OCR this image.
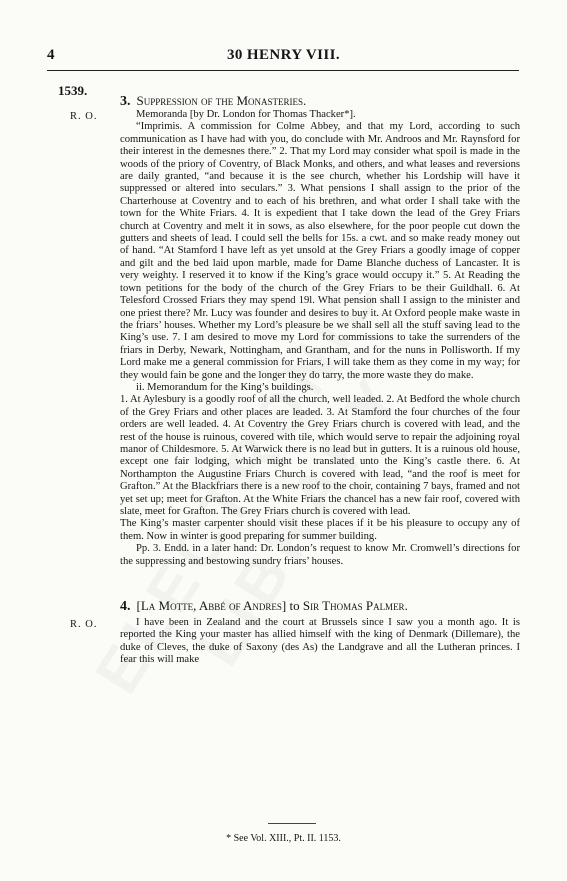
4	30 HENRY VIII.
1539.
3. Suppression of the Monasteries.
R. O.	Memoranda [by Dr. London for Thomas Thacker*].

“Imprimis. A commission for Colme Abbey, and that my Lord, according to such communication as I have had with you, do conclude with Mr. Androos and Mr. Raynsford for their interest in the demesnes there.” 2. That my Lord may consider what spoil is made in the woods of the priory of Coventry, of Black Monks, and others, and what leases and reversions are daily granted, “and because it is the see church, whether his Lordship will have it suppressed or altered into seculars.” 3. What pensions I shall assign to the prior of the Charterhouse at Coventry and to each of his brethren, and what order I shall take with the town for the White Friars. 4. It is expedient that I take down the lead of the Grey Friars church at Coventry and melt it in sows, as also elsewhere, for the poor people cut down the gutters and sheets of lead. I could sell the bells for 15s. a cwt. and so make ready money out of hand. “At Stamford I have left as yet unsold at the Grey Friars a goodly image of copper and gilt and the bed laid upon marble, made for Dame Blanche duchess of Lancaster. It is very weighty. I reserved it to know if the King’s grace would occupy it.” 5. At Reading the town petitions for the body of the church of the Grey Friars to be their Guildhall. 6. At Telesford Crossed Friars they may spend 19l. What pension shall I assign to the minister and one priest there? Mr. Lucy was founder and desires to buy it. At Oxford people make waste in the friars’ houses. Whether my Lord’s pleasure be we shall sell all the stuff saving lead to the King’s use. 7. I am desired to move my Lord for commissions to take the surrenders of the friars in Derby, Newark, Nottingham, and Grantham, and for the nuns in Pollisworth. If my Lord make me a general commission for Friars, I will take them as they come in my way; for they would fain be gone and the longer they do tarry, the more waste they do make.

ii. Memorandum for the King’s buildings.

1. At Aylesbury is a goodly roof of all the church, well leaded. 2. At Bedford the whole church of the Grey Friars and other places are leaded. 3. At Stamford the four churches of the four orders are well leaded. 4. At Coventry the Grey Friars church is covered with lead, and the rest of the house is ruinous, covered with tile, which would serve to repair the adjoining royal manor of Childesmore. 5. At Warwick there is no lead but in gutters. It is a ruinous old house, except one fair lodging, which might be translated unto the King’s castle there. 6. At Northampton the Augustine Friars Church is covered with lead, “and the roof is meet for Grafton.” At the Blackfriars there is a new roof to the choir, containing 7 bays, framed and not yet set up; meet for Grafton. At the White Friars the chancel has a new fair roof, covered with slate, meet for Grafton. The Grey Friars church is covered with lead.

The King’s master carpenter should visit these places if it be his pleasure to occupy any of them. Now in winter is good preparing for summer building.

Pp. 3. Endd. in a later hand: Dr. London’s request to know Mr. Cromwell’s directions for the suppressing and bestowing sundry friars’ houses.

4. [La Motte, Abbé of Andres] to Sir Thomas Palmer.
R. O.	I have been in Zealand and the court at Brussels since I saw you a month ago. It is reported the King your master has allied himself with the king of Denmark (Dillemare), the duke of Cleves, the duke of Saxony (des As) the Landgrave and all the Lutheran princes. I fear this will make

* See Vol. XIII., Pt. II. 1153.
